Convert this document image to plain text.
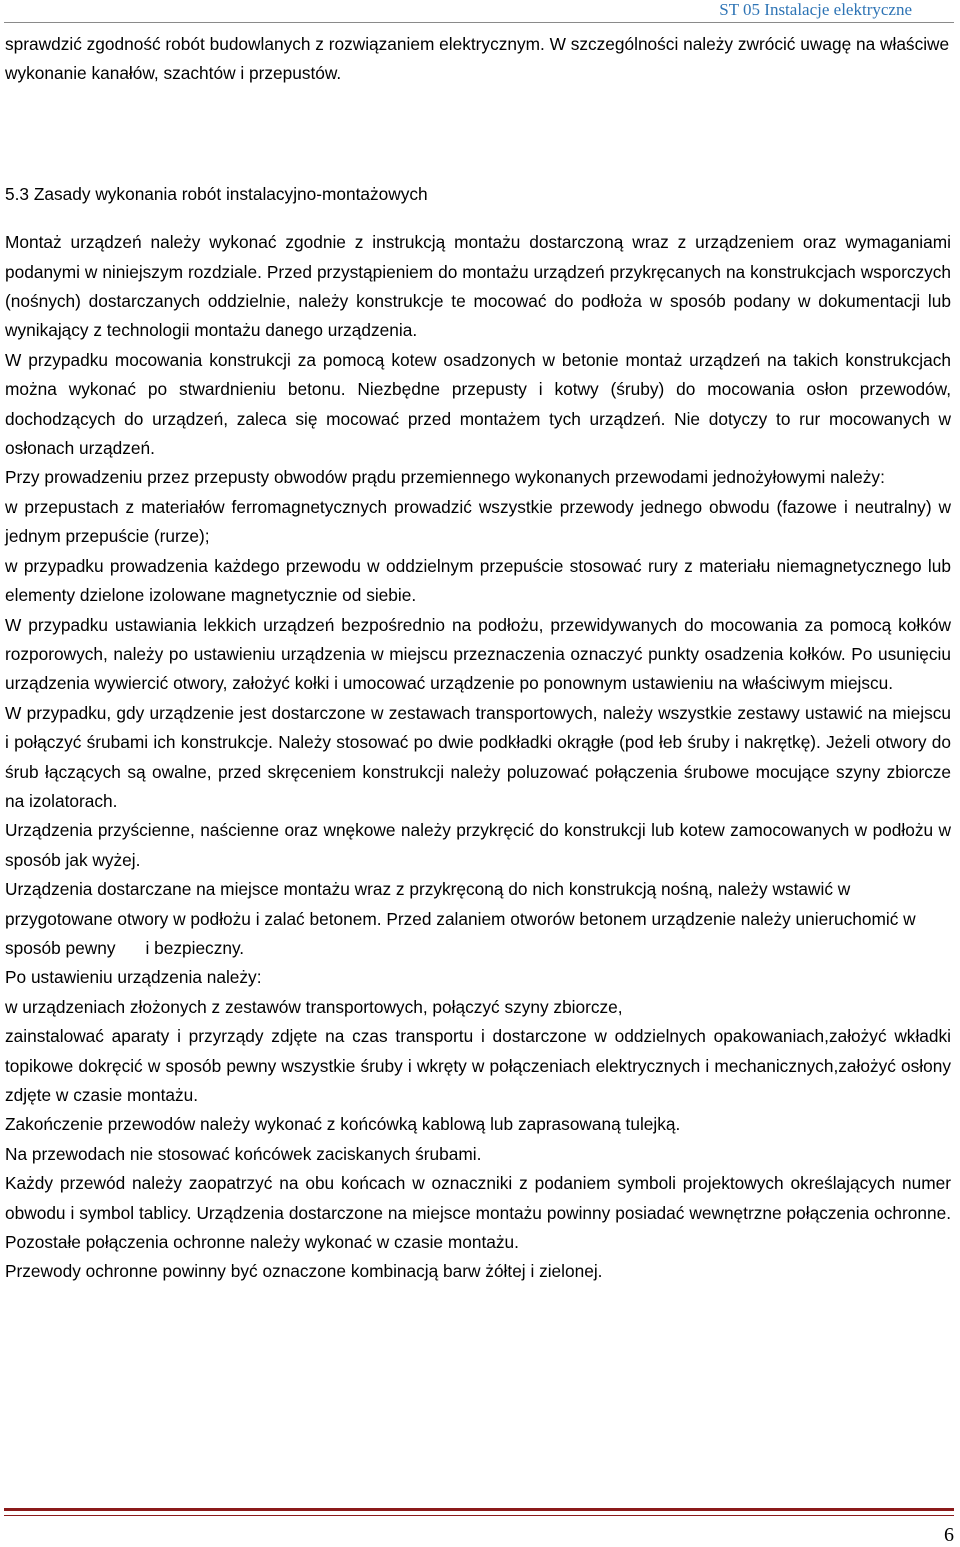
ST 05 Instalacje elektryczne

sprawdzić zgodność robót budowlanych z rozwiązaniem elektrycznym. W szczególności należy zwrócić uwagę na właściwe wykonanie kanałów, szachtów i przepustów.

5.3 Zasady wykonania robót instalacyjno-montażowych

Montaż urządzeń należy wykonać zgodnie z instrukcją montażu dostarczoną wraz z urządzeniem oraz wymaganiami podanymi w niniejszym rozdziale. Przed przystąpieniem do montażu urządzeń przykręcanych na konstrukcjach wsporczych (nośnych) dostarczanych oddzielnie, należy konstrukcje te mocować do podłoża w sposób podany w dokumentacji lub wynikający z technologii montażu danego urządzenia.

W przypadku mocowania konstrukcji za pomocą kotew osadzonych w betonie montaż urządzeń na takich konstrukcjach można wykonać po stwardnieniu betonu. Niezbędne przepusty i kotwy (śruby) do mocowania osłon przewodów, dochodzących do urządzeń, zaleca się mocować przed montażem tych urządzeń. Nie dotyczy to rur mocowanych w osłonach urządzeń.

Przy prowadzeniu przez przepusty obwodów prądu przemiennego wykonanych przewodami jednożyłowymi należy:

w przepustach z materiałów ferromagnetycznych prowadzić wszystkie przewody jednego obwodu (fazowe i neutralny) w jednym przepuście (rurze);

w przypadku prowadzenia każdego przewodu w oddzielnym przepuście stosować rury z materiału niemagnetycznego lub elementy dzielone izolowane magnetycznie od siebie.

W przypadku ustawiania lekkich urządzeń bezpośrednio na podłożu, przewidywanych do mocowania za pomocą kołków rozporowych, należy po ustawieniu urządzenia w miejscu przeznaczenia oznaczyć punkty osadzenia kołków. Po usunięciu urządzenia wywiercić otwory, założyć kołki i umocować urządzenie po ponownym ustawieniu na właściwym miejscu.

W przypadku, gdy urządzenie jest dostarczone w zestawach transportowych, należy wszystkie zestawy ustawić na miejscu i połączyć śrubami ich konstrukcje. Należy stosować po dwie podkładki okrągłe (pod łeb śruby i nakrętkę). Jeżeli otwory do śrub łączących są owalne, przed skręceniem konstrukcji należy poluzować połączenia śrubowe mocujące szyny zbiorcze na izolatorach.

Urządzenia przyścienne, naścienne oraz wnękowe należy przykręcić do konstrukcji lub kotew zamocowanych w podłożu w sposób jak wyżej.

Urządzenia dostarczane na miejsce montażu wraz z przykręconą do nich konstrukcją nośną, należy wstawić w przygotowane otwory w podłożu i zalać betonem. Przed zalaniem otworów betonem urządzenie należy unieruchomić w sposób pewny i bezpieczny.

Po ustawieniu urządzenia należy:

w urządzeniach złożonych z zestawów transportowych, połączyć szyny zbiorcze,

zainstalować aparaty i przyrządy zdjęte na czas transportu i dostarczone w oddzielnych opakowaniach,założyć wkładki topikowe dokręcić w sposób pewny wszystkie śruby i wkręty w połączeniach elektrycznych i mechanicznych,założyć osłony zdjęte w czasie montażu.

Zakończenie przewodów należy wykonać z końcówką kablową lub zaprasowaną tulejką.

Na przewodach nie stosować końcówek zaciskanych śrubami.

Każdy przewód należy zaopatrzyć na obu końcach w oznaczniki z podaniem symboli projektowych określających numer obwodu i symbol tablicy. Urządzenia dostarczone na miejsce montażu powinny posiadać wewnętrzne połączenia ochronne. Pozostałe połączenia ochronne należy wykonać w czasie montażu.

Przewody ochronne powinny być oznaczone kombinacją barw żółtej i zielonej.

6
